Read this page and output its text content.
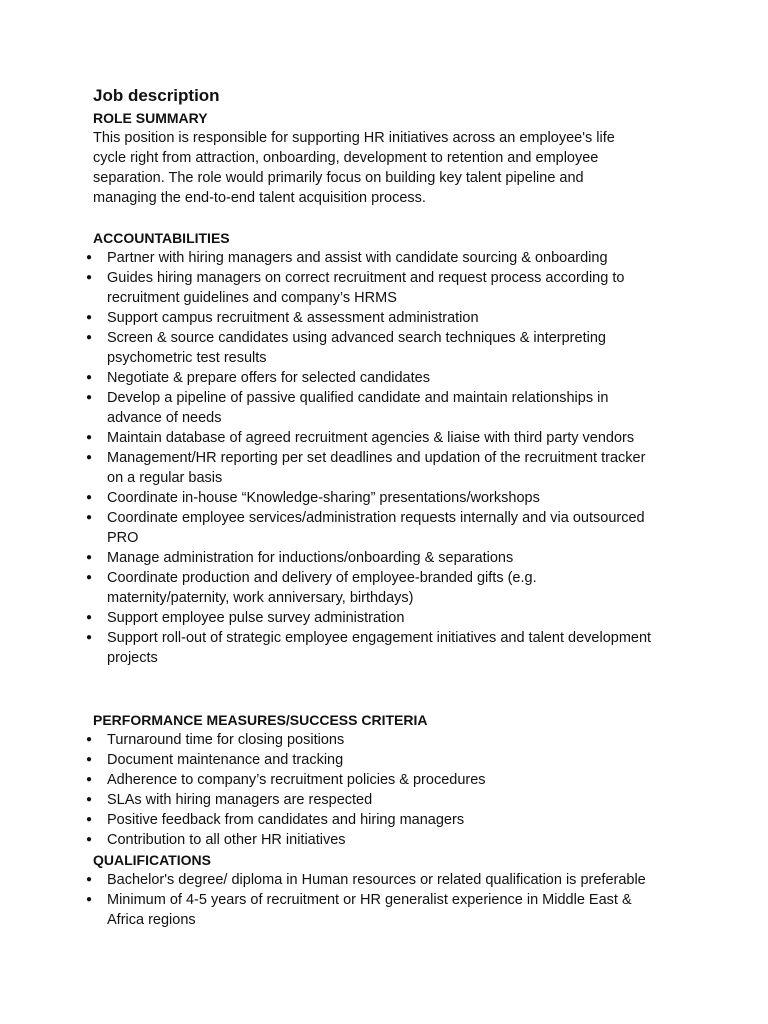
Job description
ROLE SUMMARY
This position is responsible for supporting HR initiatives across an employee's life
cycle right from attraction, onboarding, development to retention and employee
separation. The role would primarily focus on building key talent pipeline and
managing the end-to-end talent acquisition process.
ACCOUNTABILITIES
● Partner with hiring managers and assist with candidate sourcing & onboarding
● Guides hiring managers on correct recruitment and request process according to
recruitment guidelines and company’s HRMS
● Support campus recruitment & assessment administration
● Screen & source candidates using advanced search techniques & interpreting
psychometric test results
● Negotiate & prepare offers for selected candidates
● Develop a pipeline of passive qualified candidate and maintain relationships in
advance of needs
● Maintain database of agreed recruitment agencies & liaise with third party vendors
● Management/HR reporting per set deadlines and updation of the recruitment tracker
on a regular basis
● Coordinate in-house “Knowledge-sharing” presentations/workshops
● Coordinate employee services/administration requests internally and via outsourced
PRO
● Manage administration for inductions/onboarding & separations
● Coordinate production and delivery of employee-branded gifts (e.g.
maternity/paternity, work anniversary, birthdays)
● Support employee pulse survey administration
● Support roll-out of strategic employee engagement initiatives and talent development
projects
PERFORMANCE MEASURES/SUCCESS CRITERIA
● Turnaround time for closing positions
● Document maintenance and tracking
● Adherence to company’s recruitment policies & procedures
● SLAs with hiring managers are respected
● Positive feedback from candidates and hiring managers
● Contribution to all other HR initiatives
QUALIFICATIONS
● Bachelor's degree/ diploma in Human resources or related qualification is preferable
● Minimum of 4-5 years of recruitment or HR generalist experience in Middle East &
Africa regions
